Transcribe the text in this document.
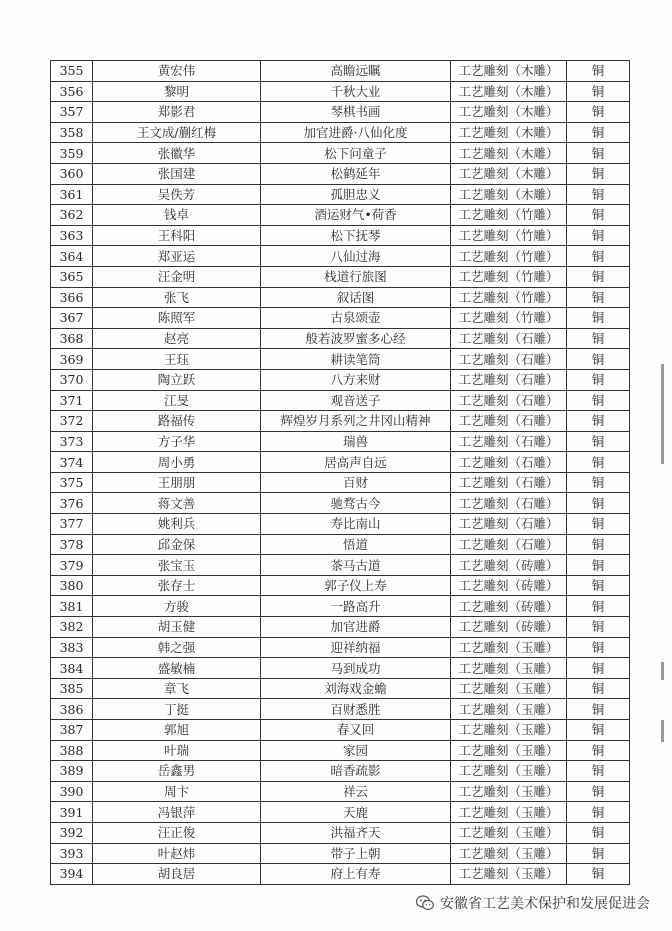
355	黄宏伟	高瞻远瞩	工艺雕刻（木雕）	铜
356	黎明	千秋大业	工艺雕刻（木雕）	铜
357	郑影君	琴棋书画	工艺雕刻（木雕）	铜
358	王文成/蒯红梅	加官进爵·八仙化度	工艺雕刻（木雕）	铜
359	张徽华	松下问童子	工艺雕刻（木雕）	铜
360	张国建	松鹤延年	工艺雕刻（木雕）	铜
361	吴佚芳	孤胆忠义	工艺雕刻（木雕）	铜
362	钱卓	酒运财气•荷香	工艺雕刻（竹雕）	铜
363	王科阳	松下抚琴	工艺雕刻（竹雕）	铜
364	郑亚运	八仙过海	工艺雕刻（竹雕）	铜
365	汪金明	栈道行旅图	工艺雕刻（竹雕）	铜
366	张飞	叙话图	工艺雕刻（竹雕）	铜
367	陈照军	古泉颂壶	工艺雕刻（竹雕）	铜
368	赵亮	般若波罗蜜多心经	工艺雕刻（石雕）	铜
369	王珏	耕读笔筒	工艺雕刻（石雕）	铜
370	陶立跃	八方来财	工艺雕刻（石雕）	铜
371	江旻	观音送子	工艺雕刻（石雕）	铜
372	路福传	辉煌岁月系列之井冈山精神	工艺雕刻（石雕）	铜
373	方子华	瑞兽	工艺雕刻（石雕）	铜
374	周小勇	居高声自远	工艺雕刻（石雕）	铜
375	王朋朋	百财	工艺雕刻（石雕）	铜
376	蒋文善	驰骛古今	工艺雕刻（石雕）	铜
377	姚利兵	寿比南山	工艺雕刻（石雕）	铜
378	邱金保	悟道	工艺雕刻（石雕）	铜
379	张宝玉	茶马古道	工艺雕刻（砖雕）	铜
380	张存士	郭子仪上寿	工艺雕刻（砖雕）	铜
381	方骏	一路高升	工艺雕刻（砖雕）	铜
382	胡玉健	加官进爵	工艺雕刻（砖雕）	铜
383	韩之强	迎祥纳福	工艺雕刻（玉雕）	铜
384	盛敏楠	马到成功	工艺雕刻（玉雕）	铜
385	章飞	刘海戏金蟾	工艺雕刻（玉雕）	铜
386	丁挺	百财悉胜	工艺雕刻（玉雕）	铜
387	郭旭	春又回	工艺雕刻（玉雕）	铜
388	叶瑞	家园	工艺雕刻（玉雕）	铜
389	岳鑫男	暗香疏影	工艺雕刻（玉雕）	铜
390	周卞	祥云	工艺雕刻（玉雕）	铜
391	冯银萍	天鹿	工艺雕刻（玉雕）	铜
392	汪正俊	洪福齐天	工艺雕刻（玉雕）	铜
393	叶赵炜	带子上朝	工艺雕刻（玉雕）	铜
394	胡良居	府上有寿	工艺雕刻（玉雕）	铜
安徽省工艺美术保护和发展促进会
